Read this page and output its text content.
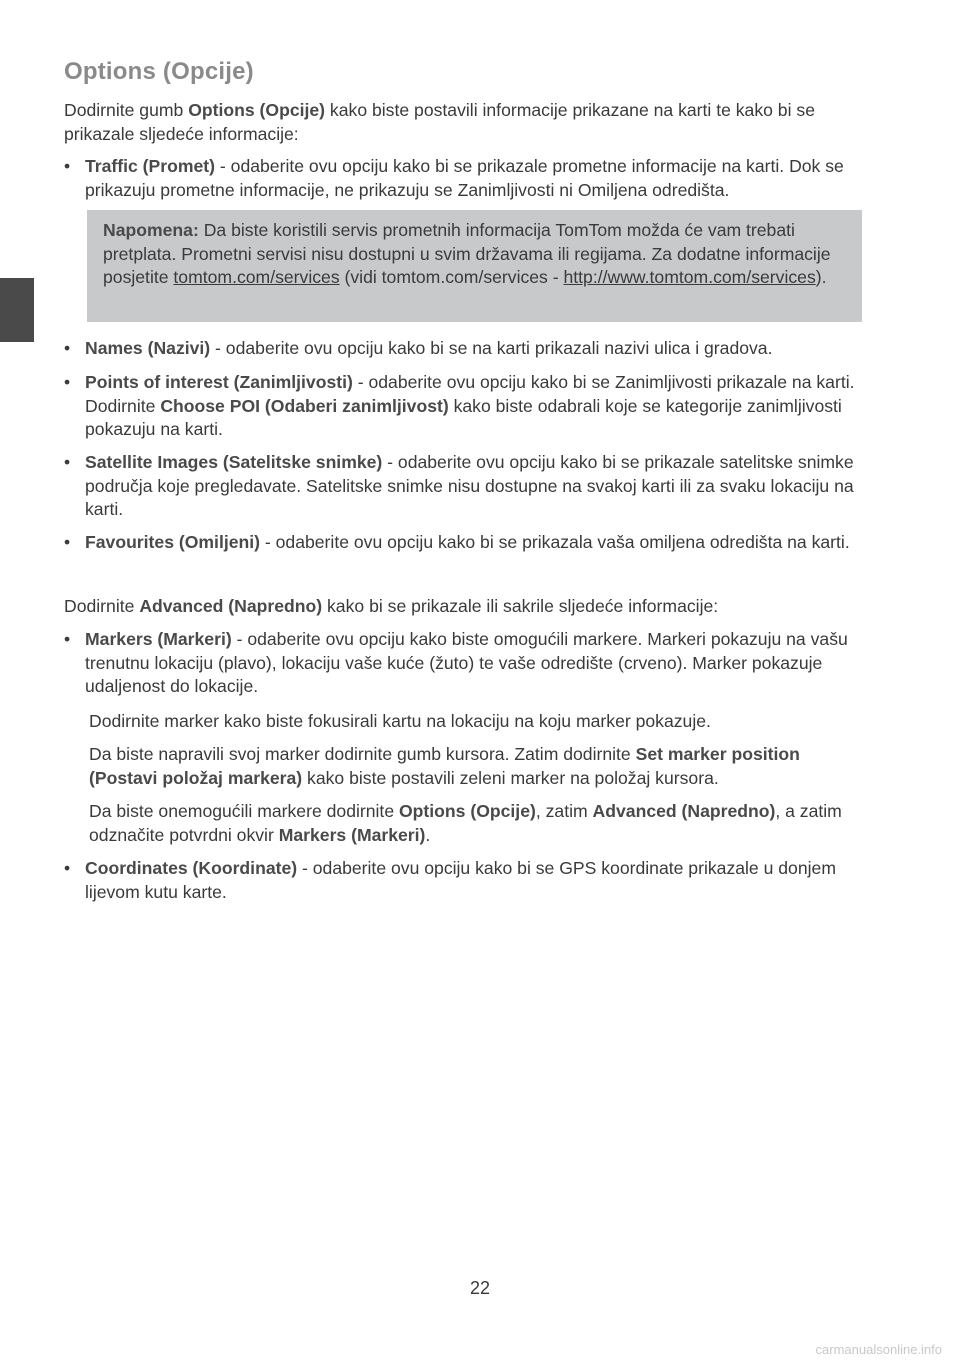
Options (Opcije)

Dodirnite gumb Options (Opcije) kako biste postavili informacije prikazane na karti te kako bi se prikazale sljedeće informacije:

• Traffic (Promet) - odaberite ovu opciju kako bi se prikazale prometne informacije na karti. Dok se prikazuju prometne informacije, ne prikazuju se Zanimljivosti ni Omiljena odredišta.

Napomena: Da biste koristili servis prometnih informacija TomTom možda će vam trebati pretplata. Prometni servisi nisu dostupni u svim državama ili regijama. Za dodatne informacije posjetite tomtom.com/services (vidi tomtom.com/services - http://www.tomtom.com/services).

• Names (Nazivi) - odaberite ovu opciju kako bi se na karti prikazali nazivi ulica i gradova.

• Points of interest (Zanimljivosti) - odaberite ovu opciju kako bi se Zanimljivosti prikazale na karti. Dodirnite Choose POI (Odaberi zanimljivost) kako biste odabrali koje se kategorije zanimljivosti pokazuju na karti.

• Satellite Images (Satelitske snimke) - odaberite ovu opciju kako bi se prikazale satelitske snimke područja koje pregledavate. Satelitske snimke nisu dostupne na svakoj karti ili za svaku lokaciju na karti.

• Favourites (Omiljeni) - odaberite ovu opciju kako bi se prikazala vaša omiljena odredišta na karti.

Dodirnite Advanced (Napredno) kako bi se prikazale ili sakrile sljedeće informacije:

• Markers (Markeri) - odaberite ovu opciju kako biste omogućili markere. Markeri pokazuju na vašu trenutnu lokaciju (plavo), lokaciju vaše kuće (žuto) te vaše odredište (crveno). Marker pokazuje udaljenost do lokacije.

Dodirnite marker kako biste fokusirali kartu na lokaciju na koju marker pokazuje.

Da biste napravili svoj marker dodirnite gumb kursora. Zatim dodirnite Set marker position (Postavi položaj markera) kako biste postavili zeleni marker na položaj kursora.

Da biste onemogućili markere dodirnite Options (Opcije), zatim Advanced (Napredno), a zatim odznačite potvrdni okvir Markers (Markeri).

• Coordinates (Koordinate) - odaberite ovu opciju kako bi se GPS koordinate prikazale u donjem lijevom kutu karte.

22
carmanualsonline.info
